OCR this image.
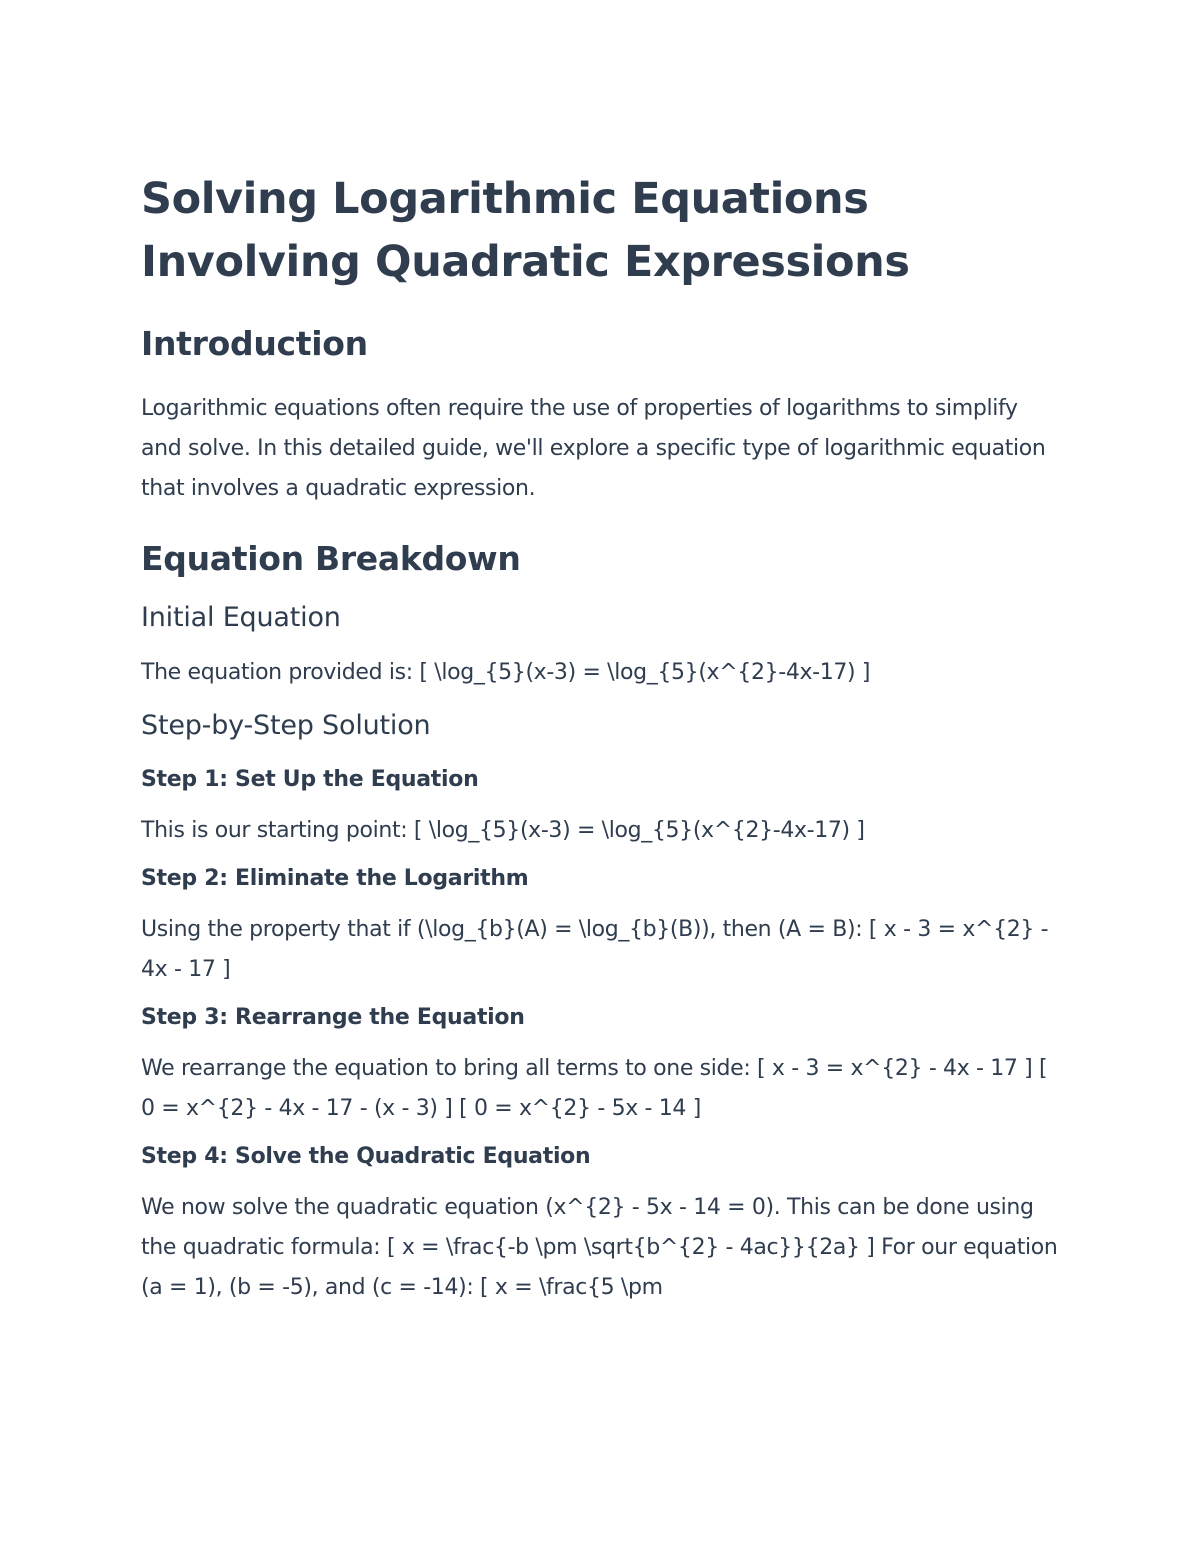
Solving Logarithmic Equations Involving Quadratic Expressions
Introduction

Logarithmic equations often require the use of properties of logarithms to simplify and solve. In this detailed guide, we'll explore a specific type of logarithmic equation that involves a quadratic expression.

Equation Breakdown
Initial Equation

The equation provided is: [ \log_{5}(x-3) = \log_{5}(x^{2}-4x-17) ]

Step-by-Step Solution
Step 1: Set Up the Equation

This is our starting point: [ \log_{5}(x-3) = \log_{5}(x^{2}-4x-17) ]

Step 2: Eliminate the Logarithm

Using the property that if (\log_{b}(A) = \log_{b}(B)), then (A = B): [ x - 3 = x^{2} - 4x - 17 ]

Step 3: Rearrange the Equation

We rearrange the equation to bring all terms to one side: [ x - 3 = x^{2} - 4x - 17 ] [ 0 = x^{2} - 4x - 17 - (x - 3) ] [ 0 = x^{2} - 5x - 14 ]

Step 4: Solve the Quadratic Equation

We now solve the quadratic equation (x^{2} - 5x - 14 = 0). This can be done using the quadratic formula: [ x = \frac{-b \pm \sqrt{b^{2} - 4ac}}{2a} ] For our equation (a = 1), (b = -5), and (c = -14): [ x = \frac{5 \pm
